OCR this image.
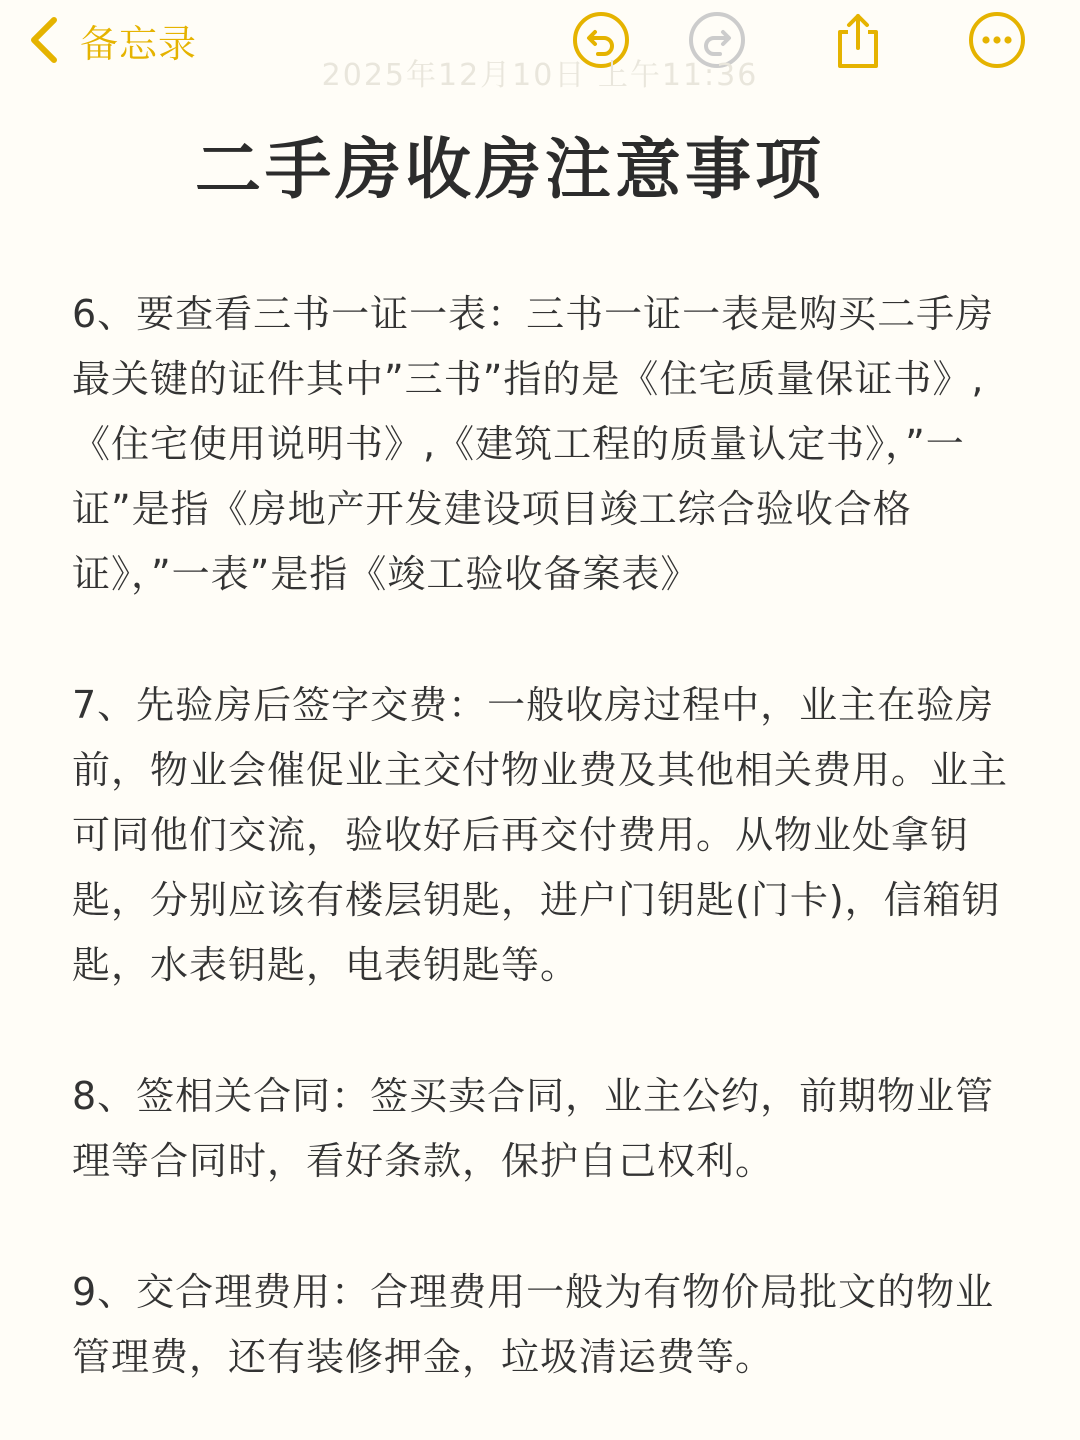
备忘录
2025年12月10日 上午11:36
二手房收房注意事项

6、要查看三书一证一表：三书一证一表是购买二手房最关键的证件其中”三书”指的是《住宅质量保证书》,《住宅使用说明书》,《建筑工程的质量认定书》，”一证”是指《房地产开发建设项目竣工综合验收合格证》，”一表”是指《竣工验收备案表》

7、先验房后签字交费：一般收房过程中，业主在验房前，物业会催促业主交付物业费及其他相关费用。业主可同他们交流，验收好后再交付费用。从物业处拿钥匙，分别应该有楼层钥匙，进户门钥匙(门卡)，信箱钥匙，水表钥匙，电表钥匙等。

8、签相关合同：签买卖合同，业主公约，前期物业管理等合同时，看好条款，保护自己权利。

9、交合理费用：合理费用一般为有物价局批文的物业管理费，还有装修押金，垃圾清运费等。
